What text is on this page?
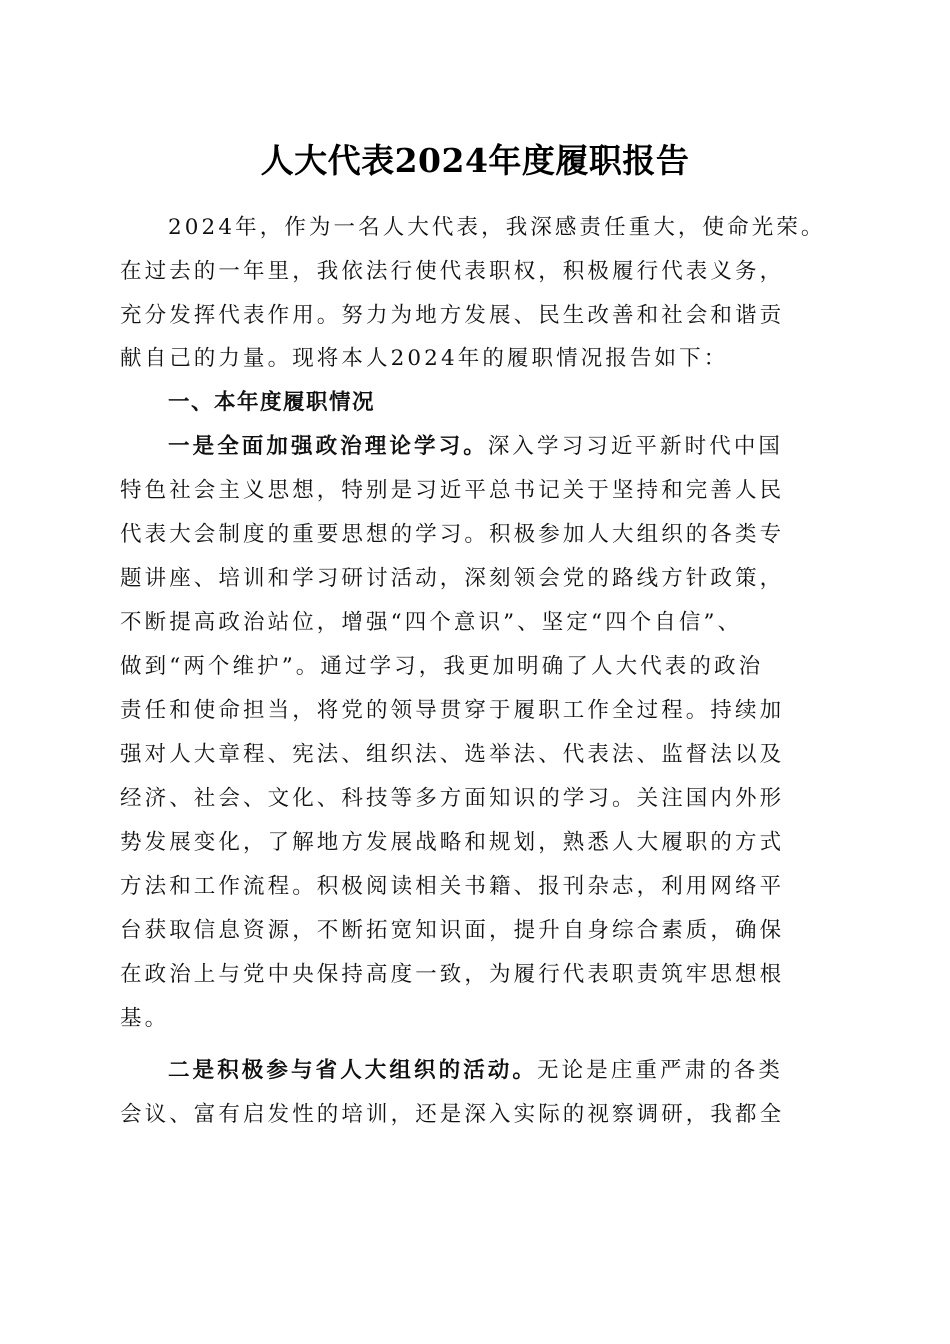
人大代表2024年度履职报告
2024年，作为一名人大代表，我深感责任重大，使命光荣。
在过去的一年里，我依法行使代表职权，积极履行代表义务，
充分发挥代表作用。努力为地方发展、民生改善和社会和谐贡
献自己的力量。现将本人2024年的履职情况报告如下：
一、本年度履职情况
一是全面加强政治理论学习。深入学习习近平新时代中国
特色社会主义思想，特别是习近平总书记关于坚持和完善人民
代表大会制度的重要思想的学习。积极参加人大组织的各类专
题讲座、培训和学习研讨活动，深刻领会党的路线方针政策，
不断提高政治站位，增强“四个意识”、坚定“四个自信”、
做到“两个维护”。通过学习，我更加明确了人大代表的政治
责任和使命担当，将党的领导贯穿于履职工作全过程。持续加
强对人大章程、宪法、组织法、选举法、代表法、监督法以及
经济、社会、文化、科技等多方面知识的学习。关注国内外形
势发展变化，了解地方发展战略和规划，熟悉人大履职的方式
方法和工作流程。积极阅读相关书籍、报刊杂志，利用网络平
台获取信息资源，不断拓宽知识面，提升自身综合素质，确保
在政治上与党中央保持高度一致，为履行代表职责筑牢思想根
基。
二是积极参与省人大组织的活动。无论是庄重严肃的各类
会议、富有启发性的培训，还是深入实际的视察调研，我都全
